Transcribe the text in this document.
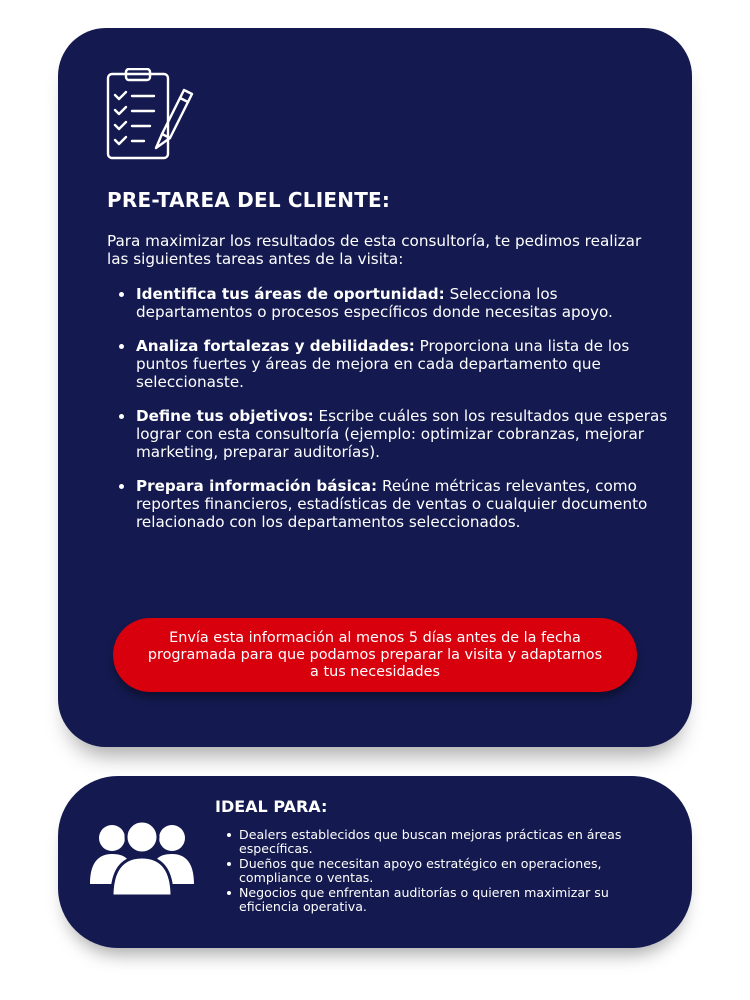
PRE-TAREA DEL CLIENTE:

Para maximizar los resultados de esta consultoría, te pedimos realizar las siguientes tareas antes de la visita:

Identifica tus áreas de oportunidad: Selecciona los departamentos o procesos específicos donde necesitas apoyo.
Analiza fortalezas y debilidades: Proporciona una lista de los puntos fuertes y áreas de mejora en cada departamento que seleccionaste.
Define tus objetivos: Escribe cuáles son los resultados que esperas lograr con esta consultoría (ejemplo: optimizar cobranzas, mejorar marketing, preparar auditorías).
Prepara información básica: Reúne métricas relevantes, como reportes financieros, estadísticas de ventas o cualquier documento relacionado con los departamentos seleccionados.
Envía esta información al menos 5 días antes de la fecha programada para que podamos preparar la visita y adaptarnos a tus necesidades
IDEAL PARA:
Dealers establecidos que buscan mejoras prácticas en áreas específicas.
Dueños que necesitan apoyo estratégico en operaciones, compliance o ventas.
Negocios que enfrentan auditorías o quieren maximizar su eficiencia operativa.
